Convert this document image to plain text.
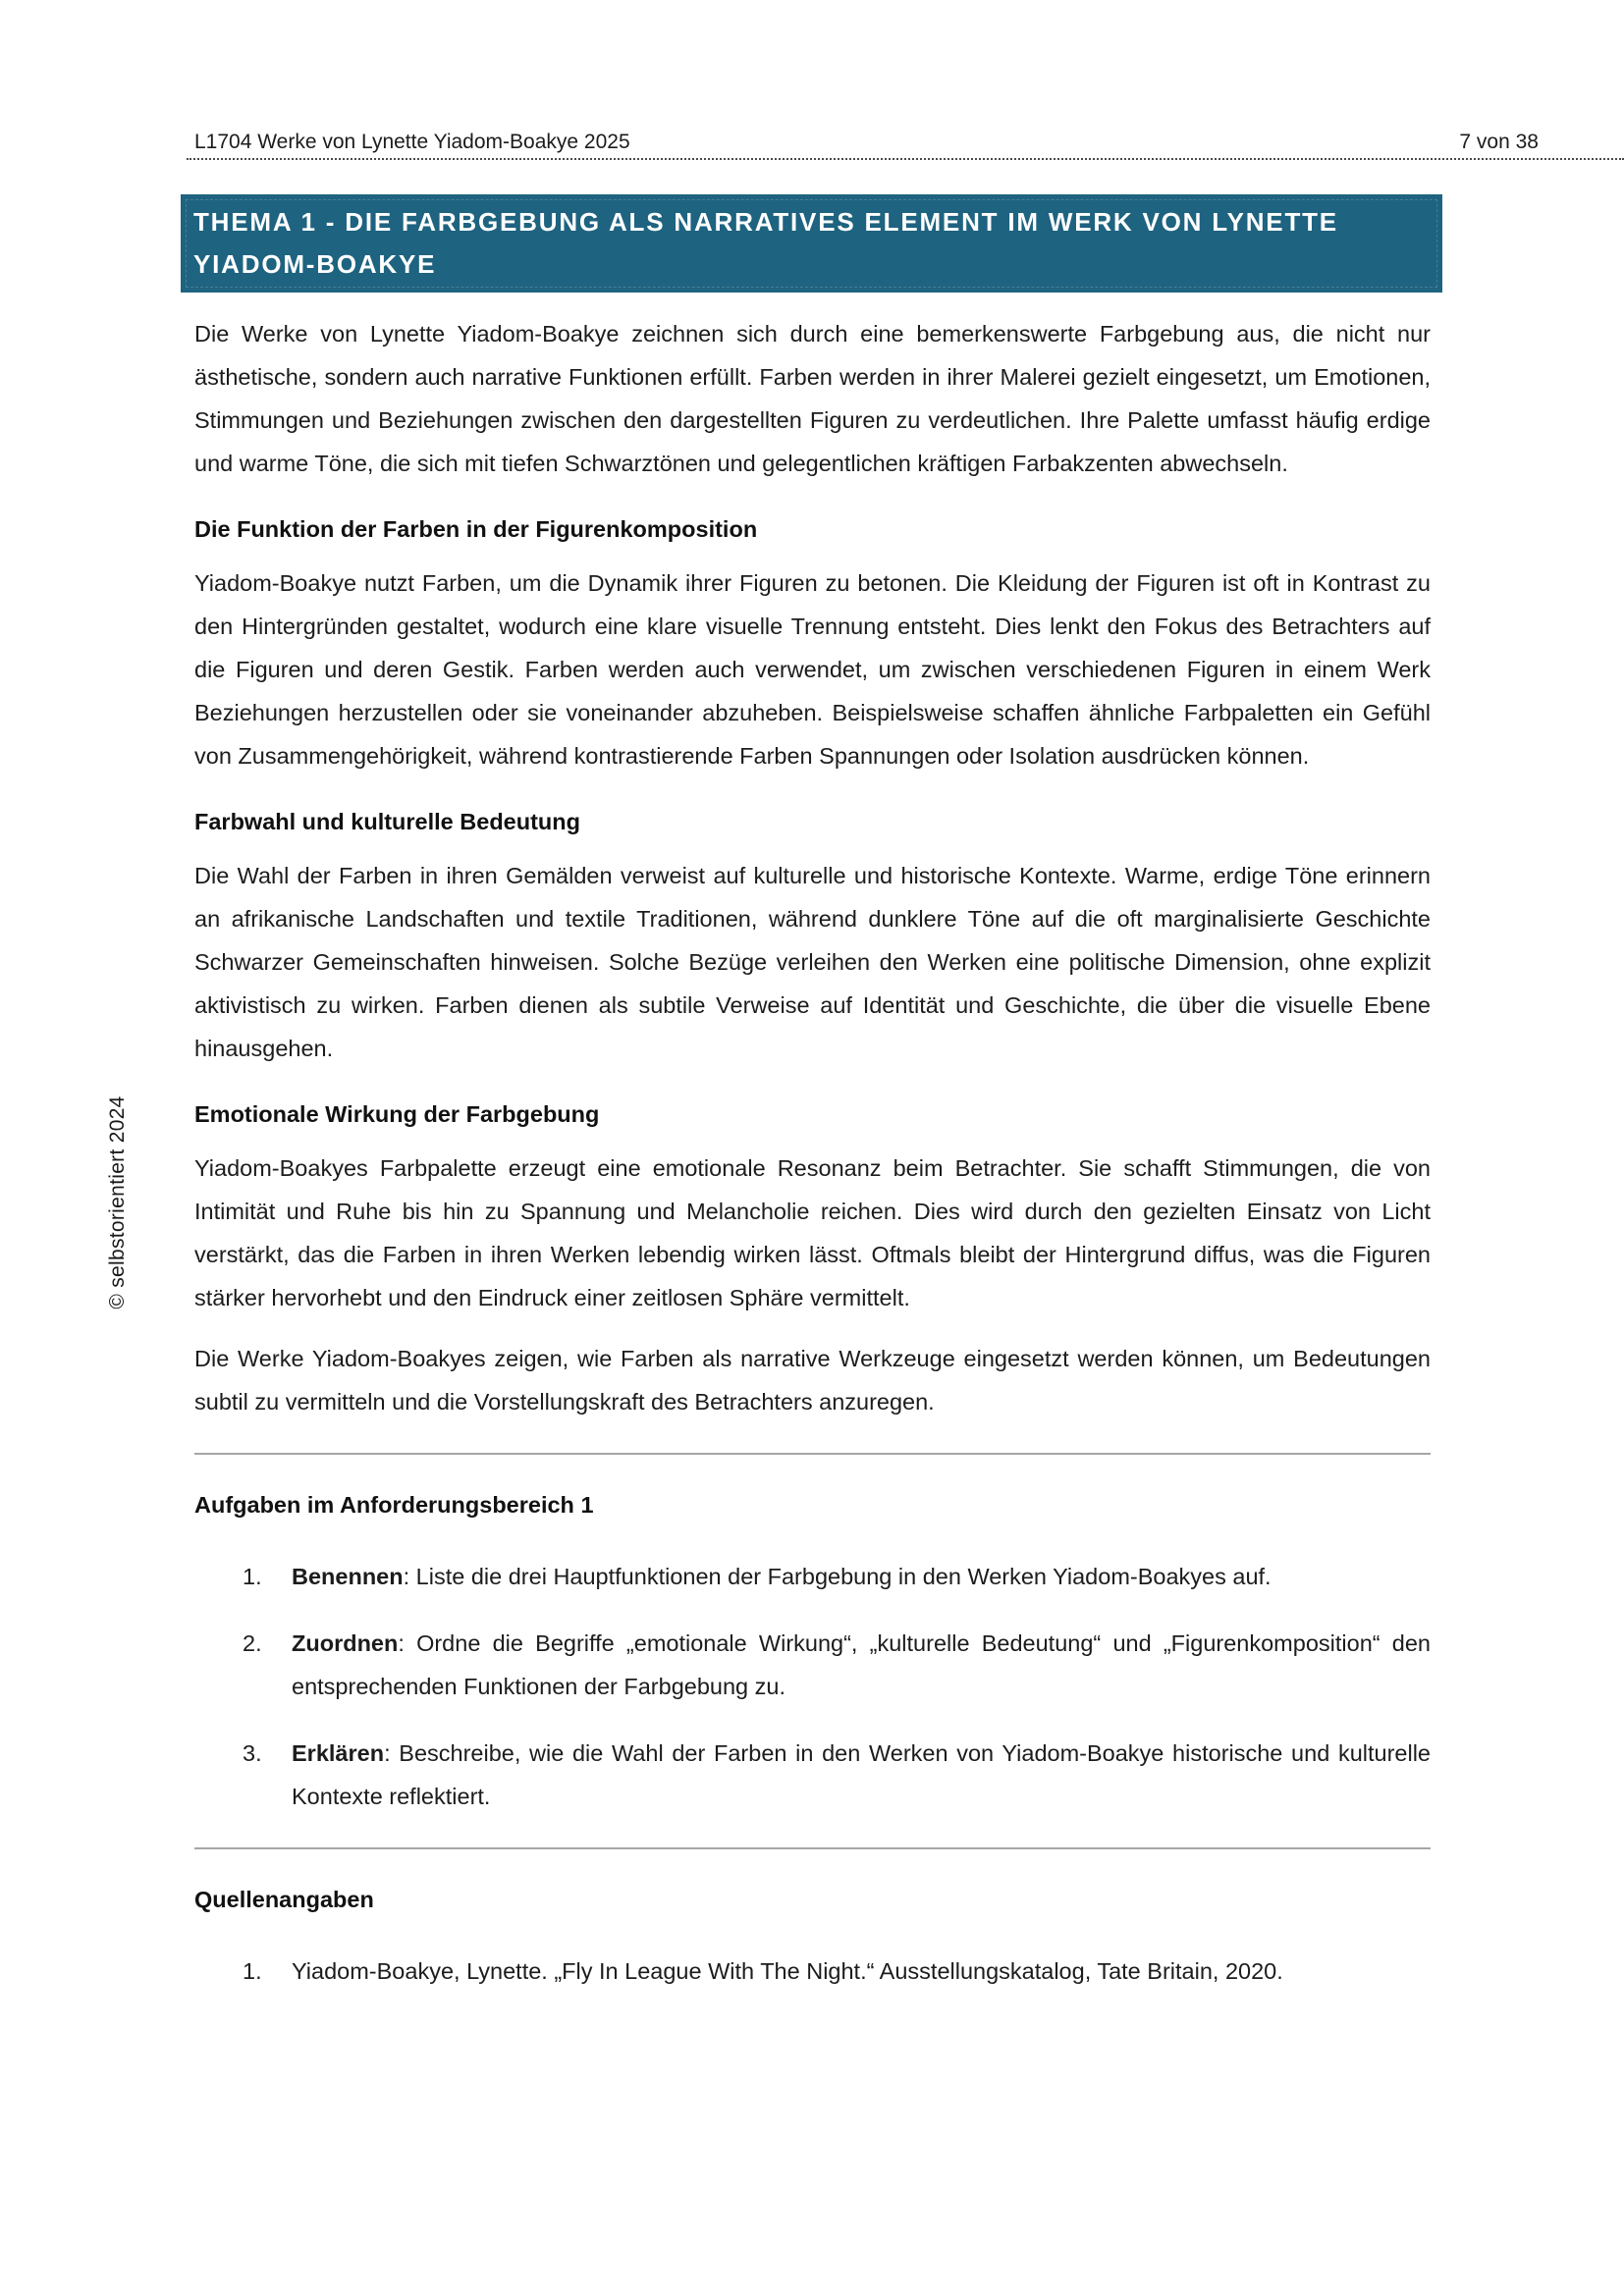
L1704 Werke von Lynette Yiadom-Boakye 2025	7 von 38
© selbstorientiert 2024
THEMA 1 - DIE FARBGEBUNG ALS NARRATIVES ELEMENT IM WERK VON LYNETTE YIADOM-BOAKYE

Die Werke von Lynette Yiadom-Boakye zeichnen sich durch eine bemerkenswerte Farbgebung aus, die nicht nur ästhetische, sondern auch narrative Funktionen erfüllt. Farben werden in ihrer Malerei gezielt eingesetzt, um Emotionen, Stimmungen und Beziehungen zwischen den dargestellten Figuren zu verdeutlichen. Ihre Palette umfasst häufig erdige und warme Töne, die sich mit tiefen Schwarztönen und gelegentlichen kräftigen Farbakzenten abwechseln.

Die Funktion der Farben in der Figurenkomposition

Yiadom-Boakye nutzt Farben, um die Dynamik ihrer Figuren zu betonen. Die Kleidung der Figuren ist oft in Kontrast zu den Hintergründen gestaltet, wodurch eine klare visuelle Trennung entsteht. Dies lenkt den Fokus des Betrachters auf die Figuren und deren Gestik. Farben werden auch verwendet, um zwischen verschiedenen Figuren in einem Werk Beziehungen herzustellen oder sie voneinander abzuheben. Beispielsweise schaffen ähnliche Farbpaletten ein Gefühl von Zusammengehörigkeit, während kontrastierende Farben Spannungen oder Isolation ausdrücken können.

Farbwahl und kulturelle Bedeutung

Die Wahl der Farben in ihren Gemälden verweist auf kulturelle und historische Kontexte. Warme, erdige Töne erinnern an afrikanische Landschaften und textile Traditionen, während dunklere Töne auf die oft marginalisierte Geschichte Schwarzer Gemeinschaften hinweisen. Solche Bezüge verleihen den Werken eine politische Dimension, ohne explizit aktivistisch zu wirken. Farben dienen als subtile Verweise auf Identität und Geschichte, die über die visuelle Ebene hinausgehen.

Emotionale Wirkung der Farbgebung

Yiadom-Boakyes Farbpalette erzeugt eine emotionale Resonanz beim Betrachter. Sie schafft Stimmungen, die von Intimität und Ruhe bis hin zu Spannung und Melancholie reichen. Dies wird durch den gezielten Einsatz von Licht verstärkt, das die Farben in ihren Werken lebendig wirken lässt. Oftmals bleibt der Hintergrund diffus, was die Figuren stärker hervorhebt und den Eindruck einer zeitlosen Sphäre vermittelt.

Die Werke Yiadom-Boakyes zeigen, wie Farben als narrative Werkzeuge eingesetzt werden können, um Bedeutungen subtil zu vermitteln und die Vorstellungskraft des Betrachters anzuregen.

Aufgaben im Anforderungsbereich 1
1.	Benennen: Liste die drei Hauptfunktionen der Farbgebung in den Werken Yiadom-Boakyes auf.
2.	Zuordnen: Ordne die Begriffe „emotionale Wirkung“, „kulturelle Bedeutung“ und „Figurenkomposition“ den entsprechenden Funktionen der Farbgebung zu.
3.	Erklären: Beschreibe, wie die Wahl der Farben in den Werken von Yiadom-Boakye historische und kulturelle Kontexte reflektiert.
Quellenangaben
1.	Yiadom-Boakye, Lynette. „Fly In League With The Night.“ Ausstellungskatalog, Tate Britain, 2020.
